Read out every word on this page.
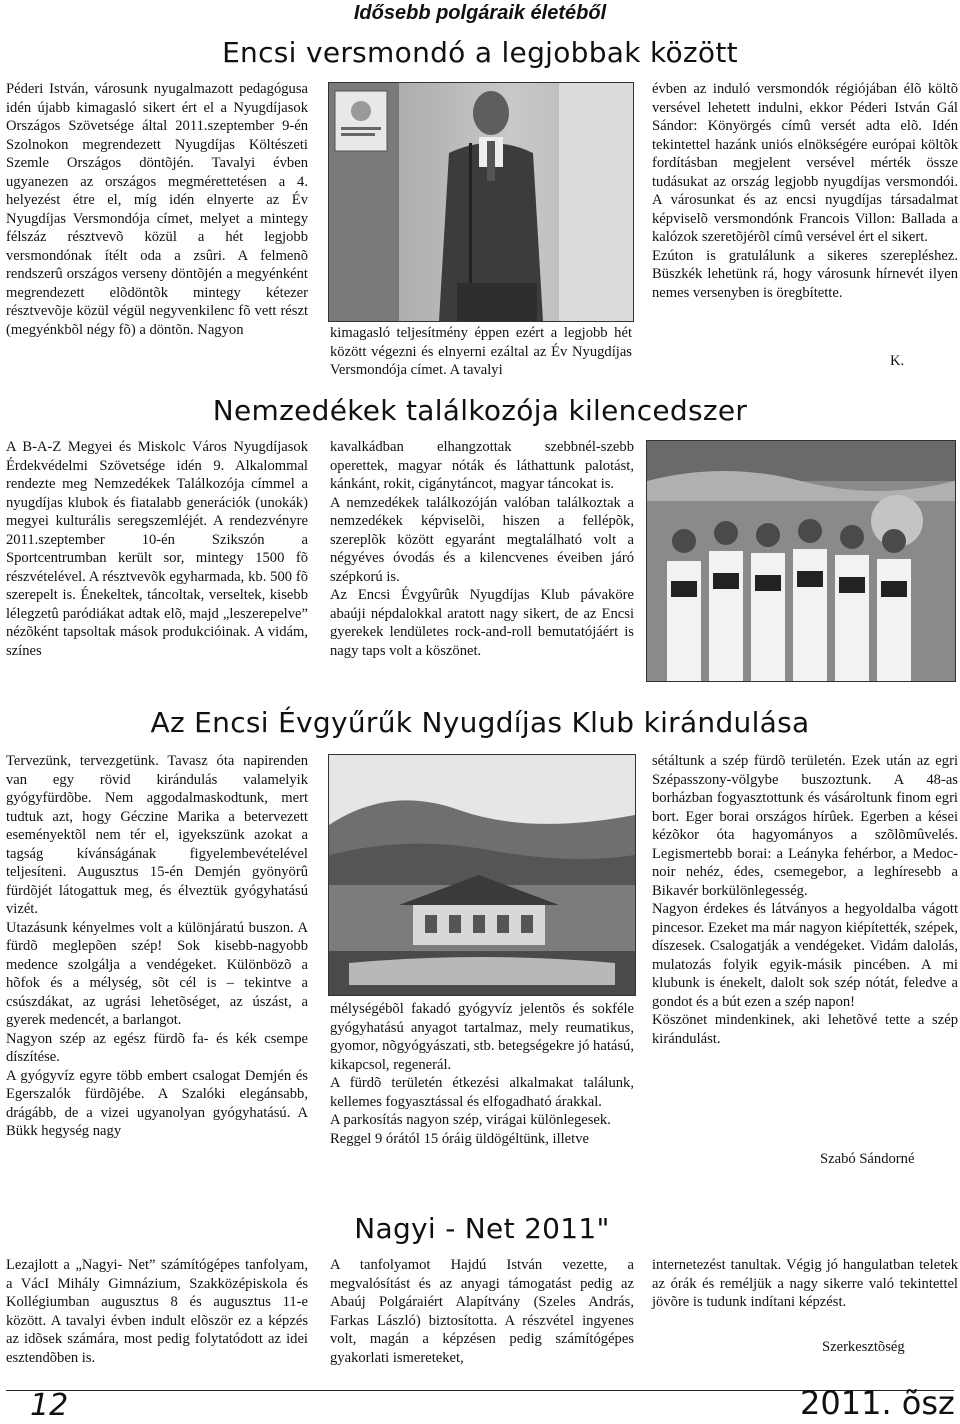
Idősebb polgáraik életéből
Encsi versmondó a legjobbak között

Péderi István, városunk nyugalmazott pedagógusa idén újabb kimagasló sikert ért el a Nyugdíjasok Országos Szövetsége által 2011.szeptember 9-én Szolnokon megrendezett Nyugdíjas Költészeti Szemle Országos döntõjén. Tavalyi évben ugyanezen az országos megmérettetésen a 4. helyezést étre el, míg idén elnyerte az Év Nyugdíjas Versmondója címet, melyet a mintegy félszáz résztvevõ közül a hét legjobb versmondónak ítélt oda a zsûri. A felmenõ rendszerû országos verseny döntõjén a megyénként megrendezett elõdöntõk mintegy kétezer résztvevõje közül végül negyvenkilenc fõ vett részt (megyénkbõl négy fõ) a döntõn. Nagyon	kimagasló teljesítmény éppen ezért a legjobb hét között végezni és elnyerni ezáltal az Év Nyugdíjas Versmondója címet. A tavalyi

évben az induló versmondók régiójában élõ költõ versével lehetett indulni, ekkor Péderi István Gál Sándor: Könyörgés címû versét adta elõ. Idén tekintettel hazánk uniós elnökségére európai költõk fordításban megjelent versével mérték össze tudásukat az ország legjobb nyugdíjas versmondói. A városunkat és az encsi nyugdíjas társadalmat képviselõ versmondónk Francois Villon: Ballada a kalózok szeretõjérõl címû versével ért el sikert.

Ezúton is gratulálunk a sikeres szerepléshez. Büszkék lehetünk rá, hogy városunk hírnevét ilyen nemes versenyben is öregbítette.

K.
Nemzedékek találkozója kilencedszer

A B-A-Z Megyei és Miskolc Város Nyugdíjasok Érdekvédelmi Szövetsége idén 9. Alkalommal rendezte meg Nemzedékek Találkozója címmel a nyugdíjas klubok és fiatalabb generációk (unokák) megyei kulturális seregszemléjét. A rendezvényre 2011.szeptember 10-én Szikszón a Sportcentrumban került sor, mintegy 1500 fõ részvételével. A résztvevõk egyharmada, kb. 500 fõ szerepelt is. Énekeltek, táncoltak, verseltek, kisebb lélegzetû paródiákat adtak elõ, majd „leszerepelve” nézõként tapsoltak mások produkcióinak. A vidám, színes

kavalkádban elhangzottak szebbnél-szebb operettek, magyar nóták és láthattunk palotást, kánkánt, rokit, cigánytáncot, magyar táncokat is.

A nemzedékek találkozóján valóban találkoztak a nemzedékek képviselõi, hiszen a fellépõk, szereplõk között egyaránt megtalálható volt a négyéves óvodás és a kilencvenes éveiben járó szépkorú is.

Az Encsi Évgyûrûk Nyugdíjas Klub pávaköre abaúji népdalokkal aratott nagy sikert, de az Encsi gyerekek lendületes rock-and-roll bemutatójáért is nagy taps volt a köszönet.

Az Encsi Évgyűrűk Nyugdíjas Klub kirándulása

Tervezünk, tervezgetünk. Tavasz óta napirenden van egy rövid kirándulás valamelyik gyógyfürdõbe. Nem aggodalmaskodtunk, mert tudtuk azt, hogy Géczine Marika a betervezett eseményektõl nem tér el, igyekszünk azokat a tagság kívánságának figyelembevételével teljesíteni. Augusztus 15-én Demjén gyönyörû fürdõjét látogattuk meg, és élveztük gyógyhatású vizét.

Utazásunk kényelmes volt a különjáratú buszon. A fürdõ meglepõen szép! Sok kisebb-nagyobb medence szolgálja a vendégeket. Különbözõ a hõfok és a mélység, sõt cél is – tekintve a csúszdákat, az ugrási lehetõséget, az úszást, a gyerek medencét, a barlangot.

Nagyon szép az egész fürdõ fa- és kék csempe díszítése.

A gyógyvíz egyre több embert csalogat Demjén és Egerszalók fürdõjébe. A Szalóki elegánsabb, drágább, de a vizei ugyanolyan gyógyhatású. A Bükk hegység nagy

mélységébõl fakadó gyógyvíz jelentõs és sokféle gyógyhatású anyagot tartalmaz, mely reumatikus, gyomor, nõgyógyászati, stb. betegségekre jó hatású, kikapcsol, regenerál.

A fürdõ területén étkezési alkalmakat találunk, kellemes fogyasztással és elfogadható árakkal.

A parkosítás nagyon szép, virágai különlegesek.

Reggel 9 órától 15 óráig üldögéltünk, illetve

sétáltunk a szép fürdõ területén. Ezek után az egri Szépasszony-völgybe buszoztunk. A 48-as borházban fogyasztottunk és vásároltunk finom egri bort. Eger borai országos hírûek. Egerben a kései kézõkor óta hagyományos a szõlõmûvelés. Legismertebb borai: a Leányka fehérbor, a Medoc-noir nehéz, édes, csemegebor, a leghíresebb a Bikavér borkülönlegesség.

Nagyon érdekes és látványos a hegyoldalba vágott pincesor. Ezeket ma már nagyon kiépítették, szépek, díszesek. Csalogatják a vendégeket. Vidám dalolás, mulatozás folyik egyik-másik pincében. A mi klubunk is énekelt, dalolt sok szép nótát, feledve a gondot és a bút ezen a szép napon!

Köszönet mindenkinek, aki lehetõvé tette a szép kirándulást.

Szabó Sándorné
Nagyi - Net 2011"

Lezajlott a „Nagyi- Net” számítógépes tanfolyam, a VácI Mihály Gimnázium, Szakközépiskola és Kollégiumban augusztus 8 és augusztus 11-e között. A tavalyi évben indult elõször ez a képzés az idõsek számára, most pedig folytatódott az idei esztendõben is.

A tanfolyamot Hajdú István vezette, a megvalósítást és az anyagi támogatást pedig az Abaúj Polgáraiért Alapítvány (Szeles András, Farkas László) biztosította. A részvétel ingyenes volt, magán a képzésen pedig számítógépes gyakorlati ismereteket,

internetezést tanultak. Végig jó hangulatban teletek az órák és reméljük a nagy sikerre való tekintettel jövõre is tudunk indítani képzést.

Szerkesztõség
12	2011. õsz
